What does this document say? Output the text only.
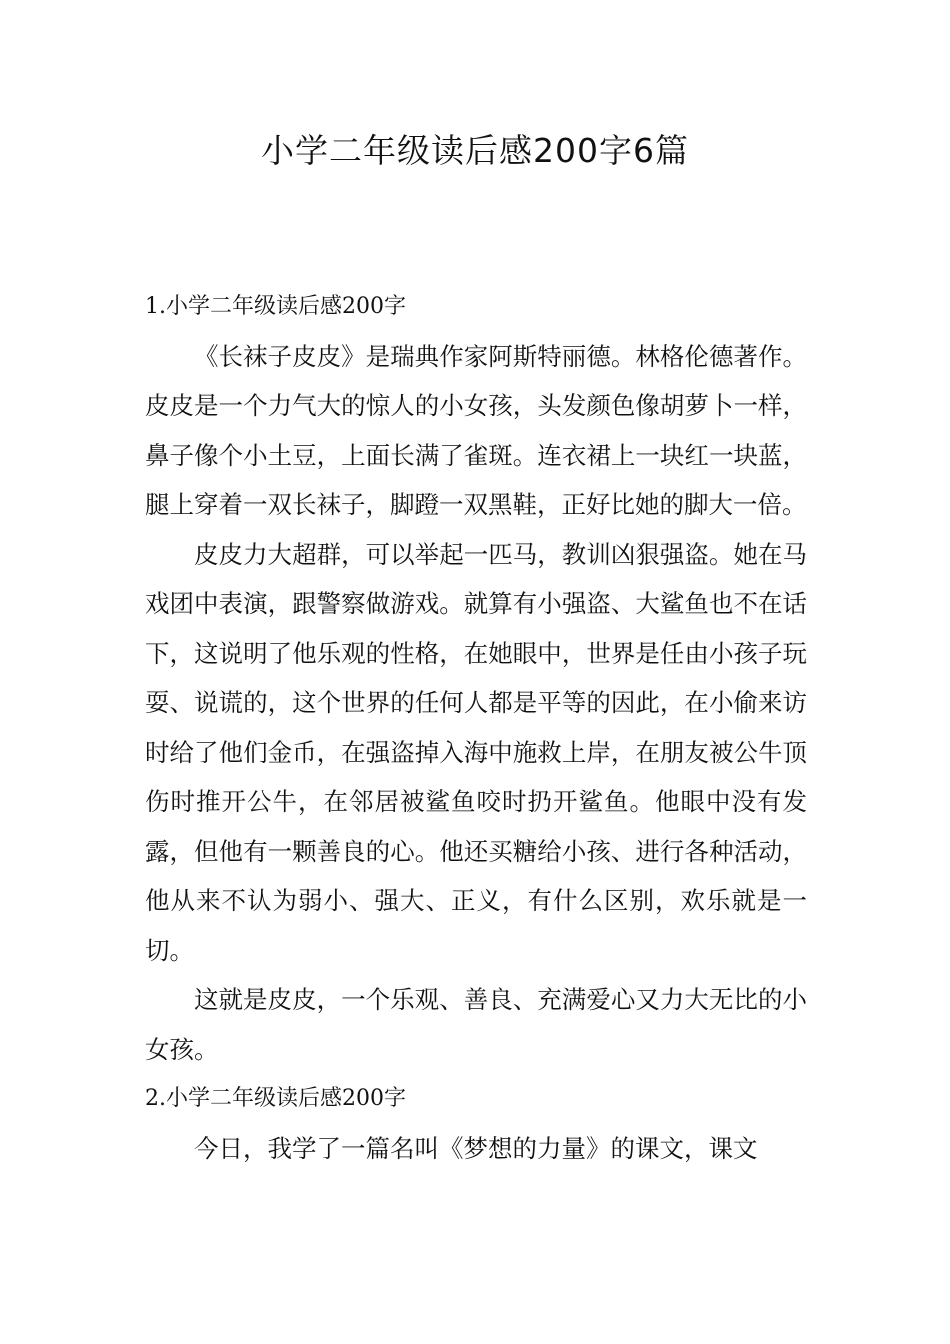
小学二年级读后感200字6篇
1.小学二年级读后感200字

《长袜子皮皮》是瑞典作家阿斯特丽德。林格伦德著作。皮皮是一个力气大的惊人的小女孩，头发颜色像胡萝卜一样，鼻子像个小土豆，上面长满了雀斑。连衣裙上一块红一块蓝，腿上穿着一双长袜子，脚蹬一双黑鞋，正好比她的脚大一倍。

皮皮力大超群，可以举起一匹马，教训凶狠强盗。她在马戏团中表演，跟警察做游戏。就算有小强盗、大鲨鱼也不在话下，这说明了他乐观的性格，在她眼中，世界是任由小孩子玩耍、说谎的，这个世界的任何人都是平等的因此，在小偷来访时给了他们金币，在强盗掉入海中施救上岸，在朋友被公牛顶伤时推开公牛，在邻居被鲨鱼咬时扔开鲨鱼。他眼中没有发露，但他有一颗善良的心。他还买糖给小孩、进行各种活动，他从来不认为弱小、强大、正义，有什么区别，欢乐就是一切。

这就是皮皮，一个乐观、善良、充满爱心又力大无比的小女孩。

2.小学二年级读后感200字

今日，我学了一篇名叫《梦想的力量》的课文，课文
